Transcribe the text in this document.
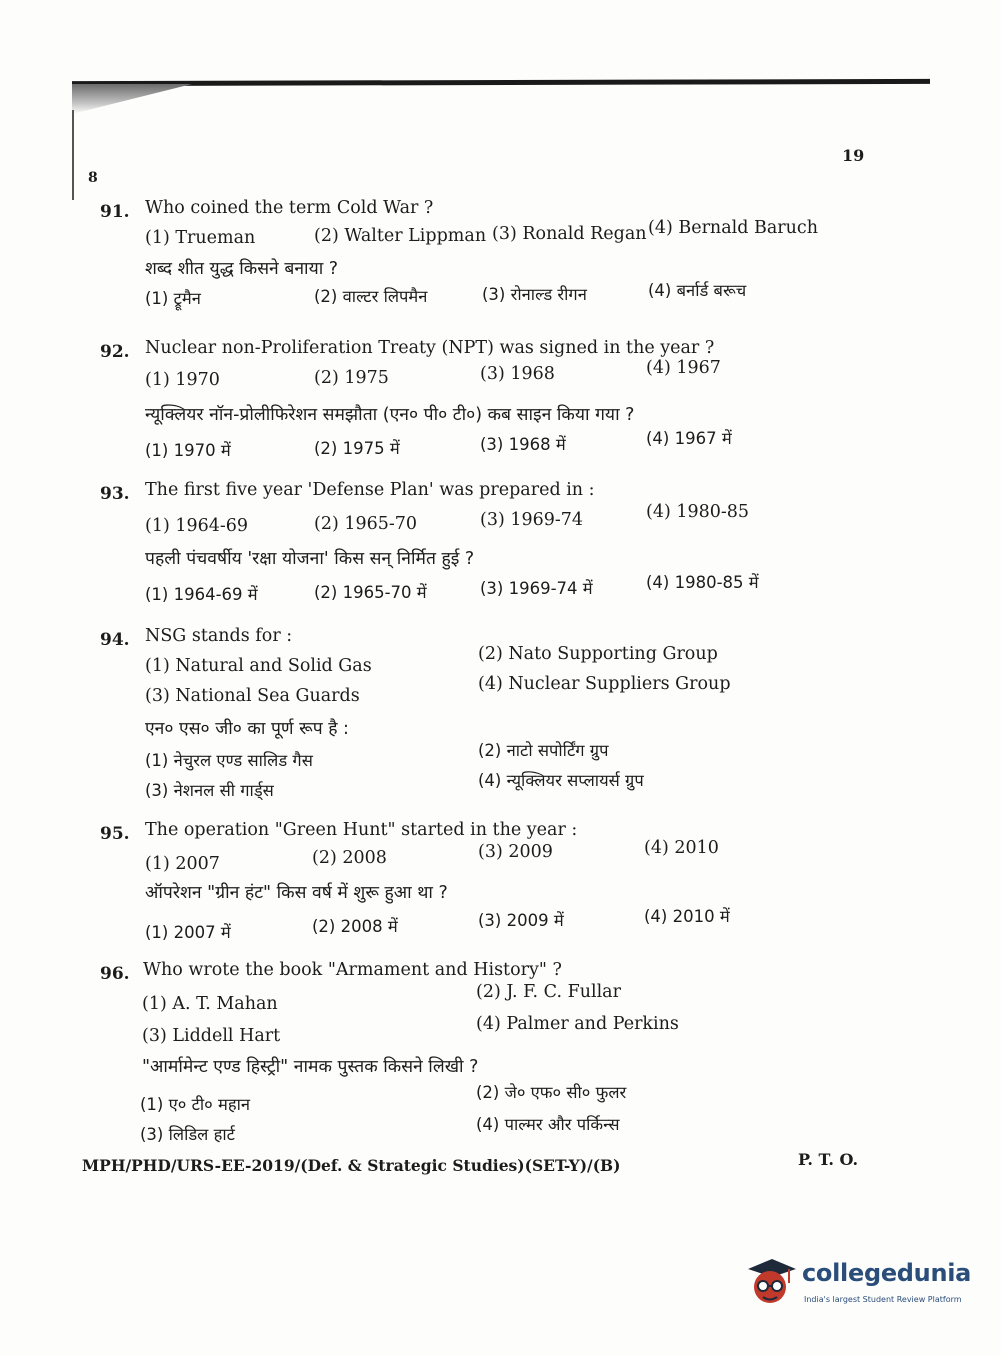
19
8
91. Who coined the term Cold War ?
(1) Trueman	(2) Walter Lippman (3) Ronald Regan (4) Bernald Baruch
शब्द शीत युद्ध किसने बनाया ?
(1) ट्रूमैन	(2) वाल्टर लिपमैन	(3) रोनाल्ड रीगन	(4) बर्नार्ड बरूच
92. Nuclear non-Proliferation Treaty (NPT) was signed in the year ?
(1) 1970	(2) 1975	(3) 1968	(4) 1967
न्यूक्लियर नॉन-प्रोलीफिरेशन समझौता (एन० पी० टी०) कब साइन किया गया ?
(1) 1970 में	(2) 1975 में	(3) 1968 में	(4) 1967 में
93. The first five year 'Defense Plan' was prepared in :
(1) 1964-69	(2) 1965-70	(3) 1969-74	(4) 1980-85
पहली पंचवर्षीय 'रक्षा योजना' किस सन् निर्मित हुई ?
(1) 1964-69 में	(2) 1965-70 में	(3) 1969-74 में	(4) 1980-85 में
94. NSG stands for :
(1) Natural and Solid Gas
(2) Nato Supporting Group
(3) National Sea Guards
(4) Nuclear Suppliers Group
एन० एस० जी० का पूर्ण रूप है :
(1) नेचुरल एण्ड सालिड गैस
(2) नाटो सपोर्टिंग ग्रुप
(3) नेशनल सी गार्ड्स
(4) न्यूक्लियर सप्लायर्स ग्रुप
95. The operation "Green Hunt" started in the year :
(1) 2007	(2) 2008	(3) 2009	(4) 2010
ऑपरेशन "ग्रीन हंट" किस वर्ष में शुरू हुआ था ?
(1) 2007 में	(2) 2008 में	(3) 2009 में	(4) 2010 में
96. Who wrote the book "Armament and History" ?
(1) A. T. Mahan
(2) J. F. C. Fullar
(3) Liddell Hart
(4) Palmer and Perkins
"आर्मामेन्ट एण्ड हिस्ट्री" नामक पुस्तक किसने लिखी ?
(1) ए० टी० महान
(2) जे० एफ० सी० फुलर
(3) लिडिल हार्ट
(4) पाल्मर और पर्किन्स
MPH/PHD/URS-EE-2019/(Def. & Strategic Studies)(SET-Y)/(B)	P. T. O.
collegedunia
India's largest Student Review Platform
